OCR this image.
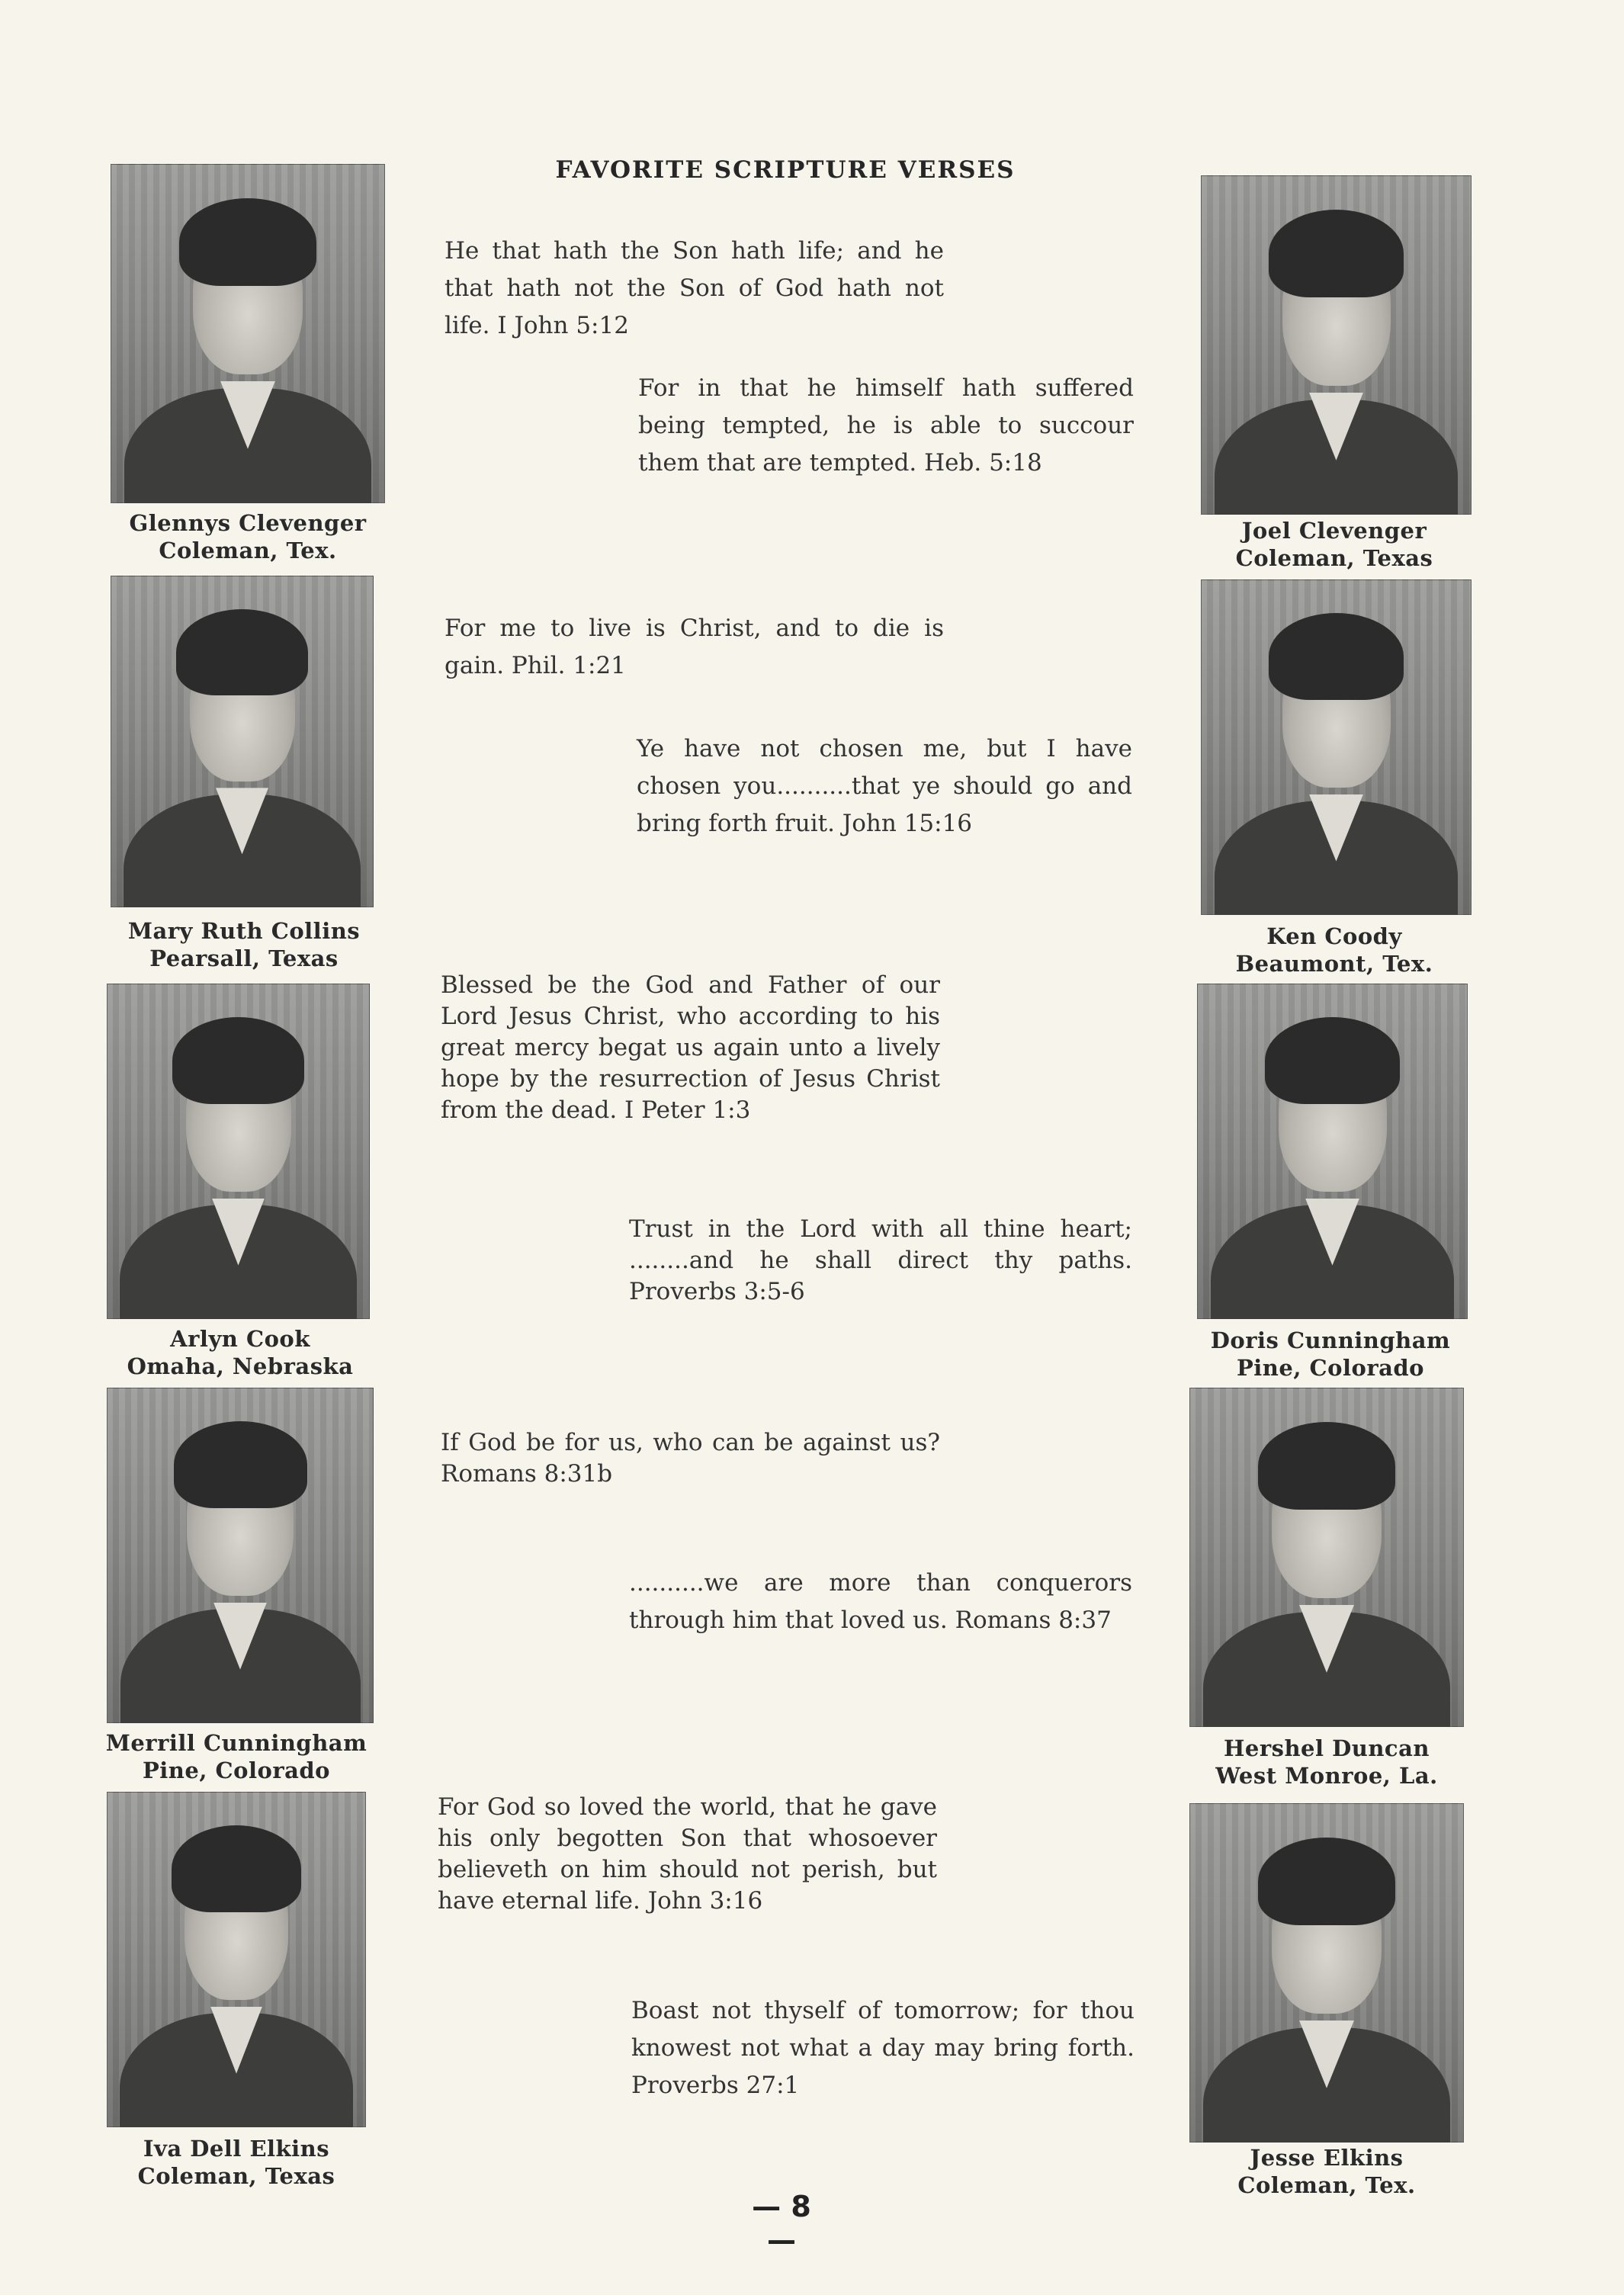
FAVORITE SCRIPTURE VERSES
Glennys Clevenger
Coleman, Tex.
Mary Ruth Collins
Pearsall, Texas
Arlyn Cook
Omaha, Nebraska
Merrill Cunningham
Pine, Colorado
Iva Dell Elkins
Coleman, Texas
Joel Clevenger
Coleman, Texas
Ken Coody
Beaumont, Tex.
Doris Cunningham
Pine, Colorado
Hershel Duncan
West Monroe, La.
Jesse Elkins
Coleman, Tex.
He that hath the Son hath life; and he that hath not the Son of God hath not life. I John 5:12
For in that he himself hath suffered being tempted, he is able to succour them that are tempted. Heb. 5:18
For me to live is Christ, and to die is gain. Phil. 1:21
Ye have not chosen me, but I have chosen you..........that ye should go and bring forth fruit. John 15:16
Blessed be the God and Father of our Lord Jesus Christ, who according to his great mercy begat us again unto a lively hope by the resurrection of Jesus Christ from the dead. I Peter 1:3
Trust in the Lord with all thine heart; ........and he shall direct thy paths. Proverbs 3:5-6
If God be for us, who can be against us? Romans 8:31b
..........we are more than conquerors through him that loved us. Romans 8:37
For God so loved the world, that he gave his only begotten Son that whosoever believeth on him should not perish, but have eternal life. John 3:16
Boast not thyself of tomorrow; for thou knowest not what a day may bring forth. Proverbs 27:1
— 8 —
